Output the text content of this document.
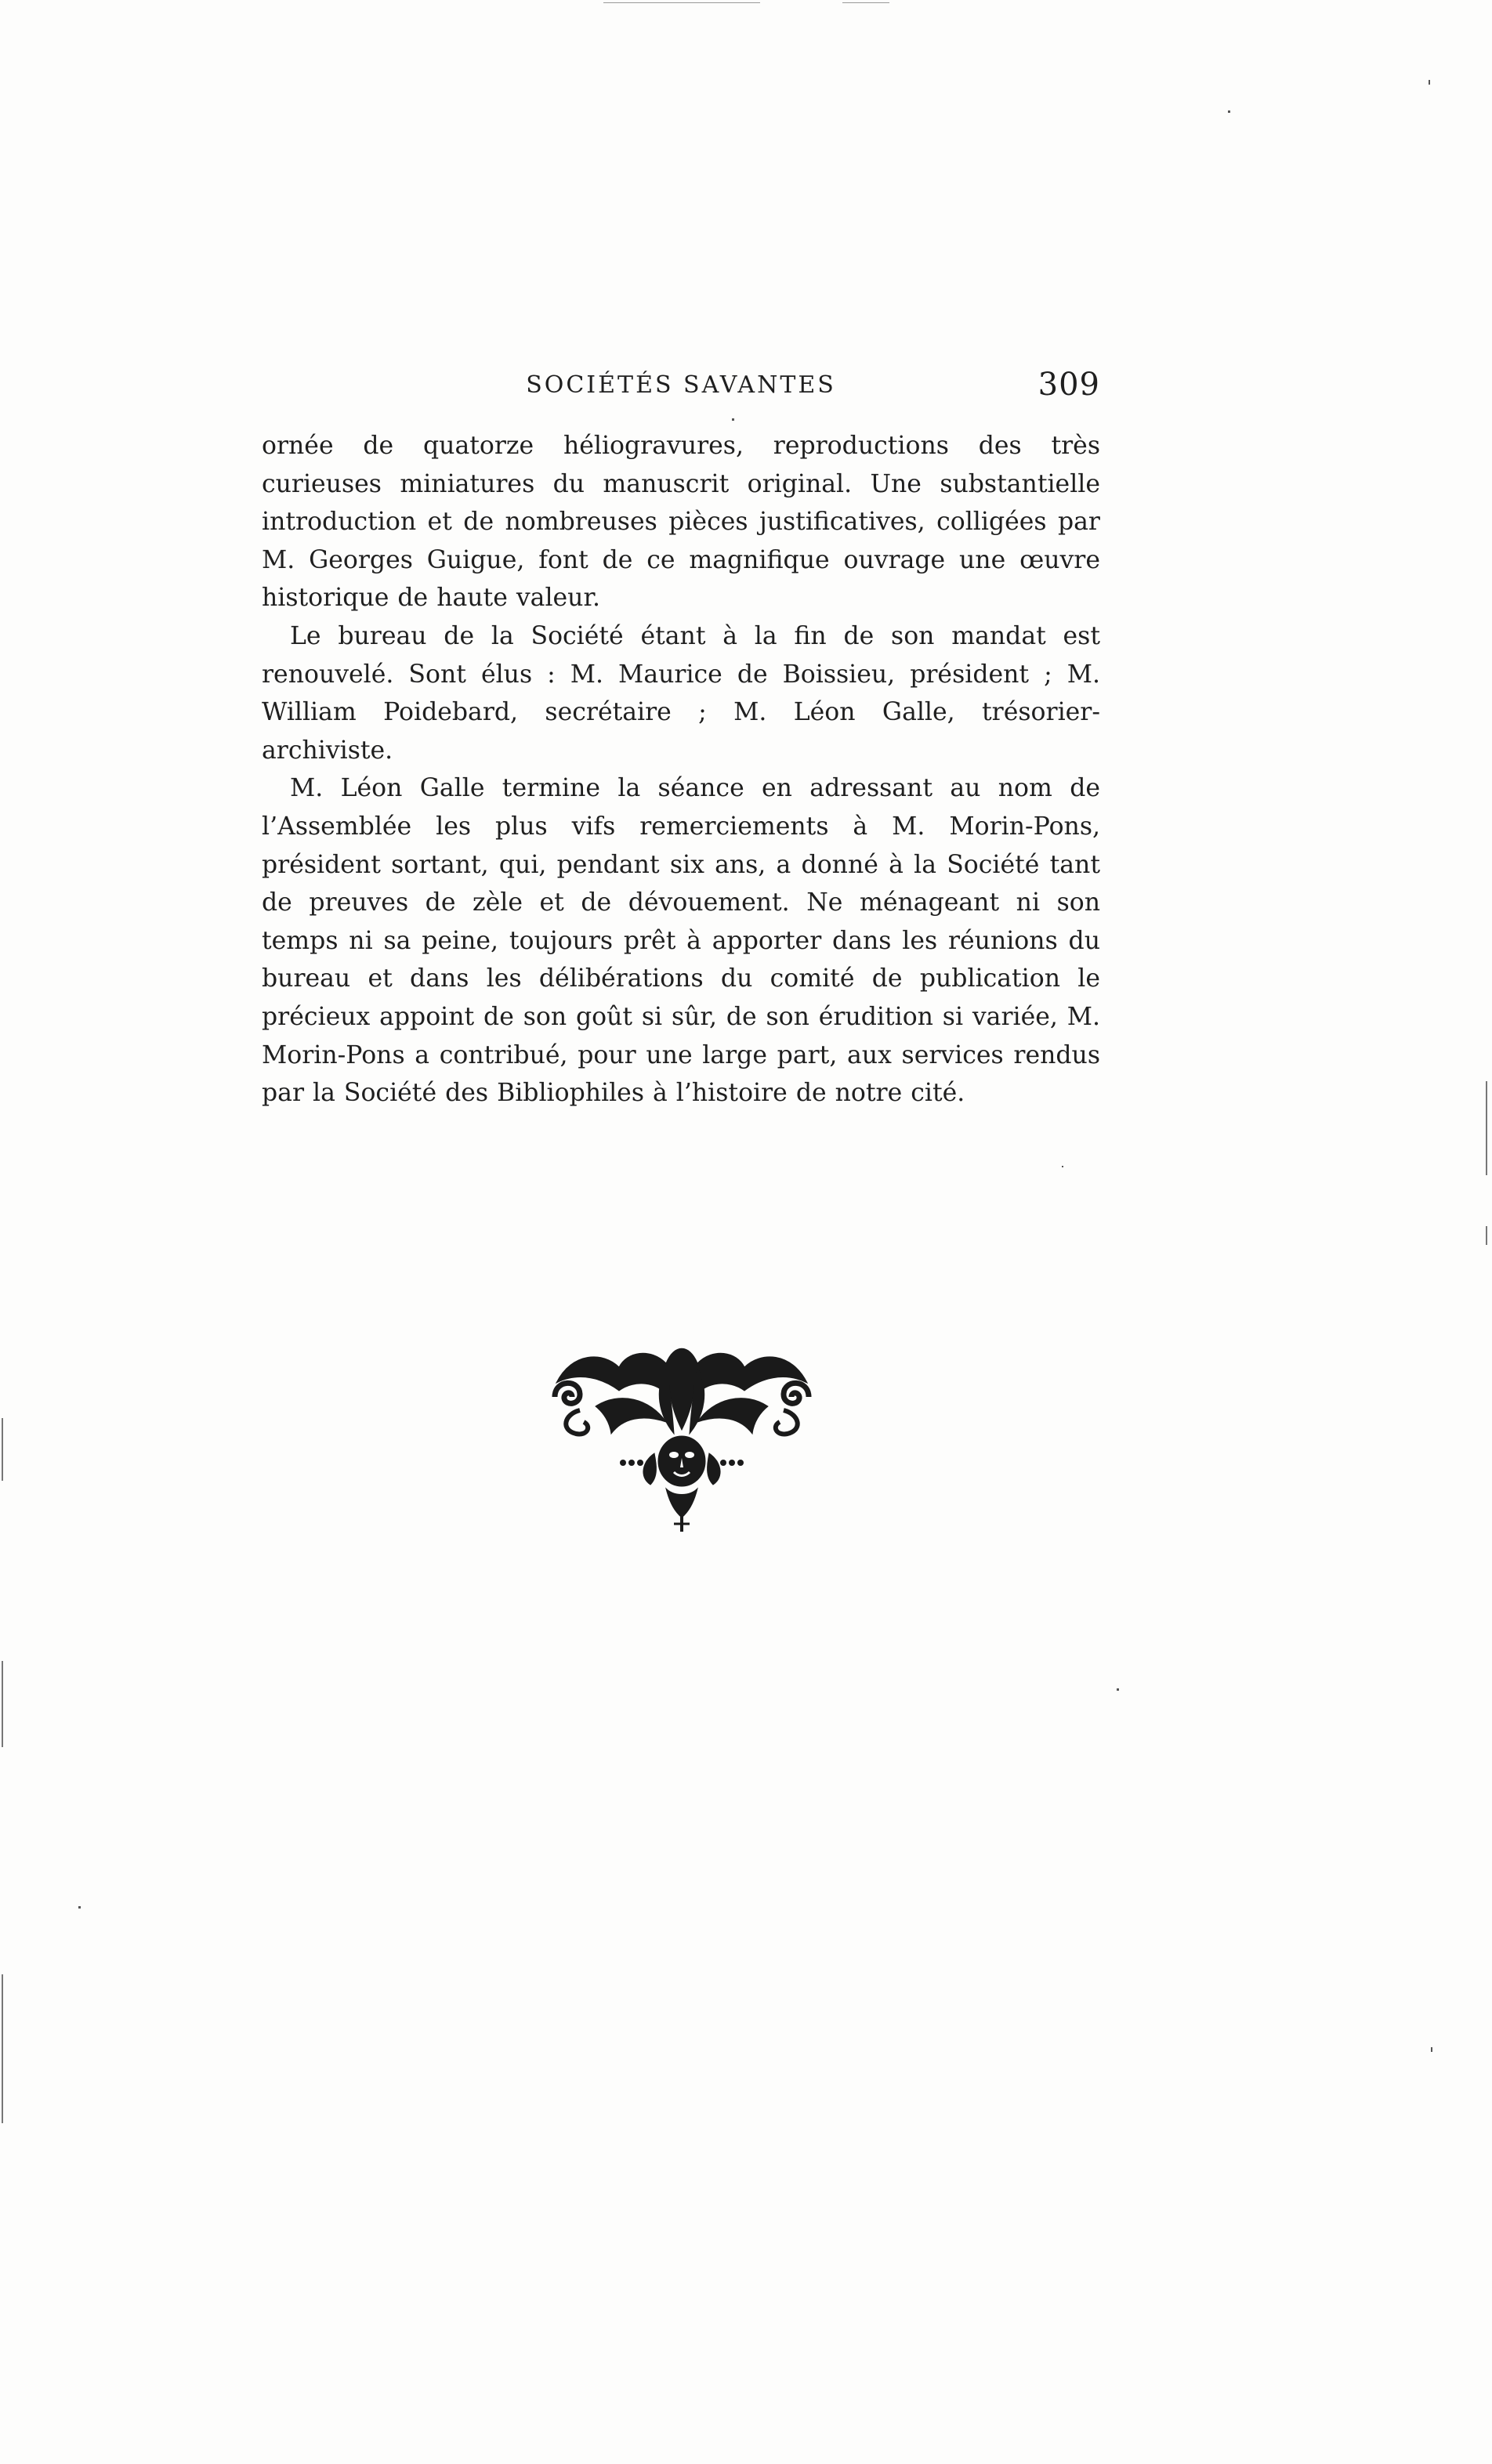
SOCIÉTÉS SAVANTES	309

ornée de quatorze héliogravures, reproductions des très curieuses miniatures du manuscrit original. Une substantielle introduction et de nombreuses pièces justificatives, colligées par M. Georges Guigue, font de ce magnifique ouvrage une œuvre historique de haute valeur.

Le bureau de la Société étant à la fin de son mandat est renouvelé. Sont élus : M. Maurice de Boissieu, président ; M. William Poidebard, secrétaire ; M. Léon Galle, trésorier-archiviste.

M. Léon Galle termine la séance en adressant au nom de l’Assemblée les plus vifs remerciements à M. Morin-Pons, président sortant, qui, pendant six ans, a donné à la Société tant de preuves de zèle et de dévouement. Ne ménageant ni son temps ni sa peine, toujours prêt à apporter dans les réunions du bureau et dans les délibérations du comité de publication le précieux appoint de son goût si sûr, de son érudition si variée, M. Morin-Pons a contribué, pour une large part, aux services rendus par la Société des Bibliophiles à l’histoire de notre cité.
